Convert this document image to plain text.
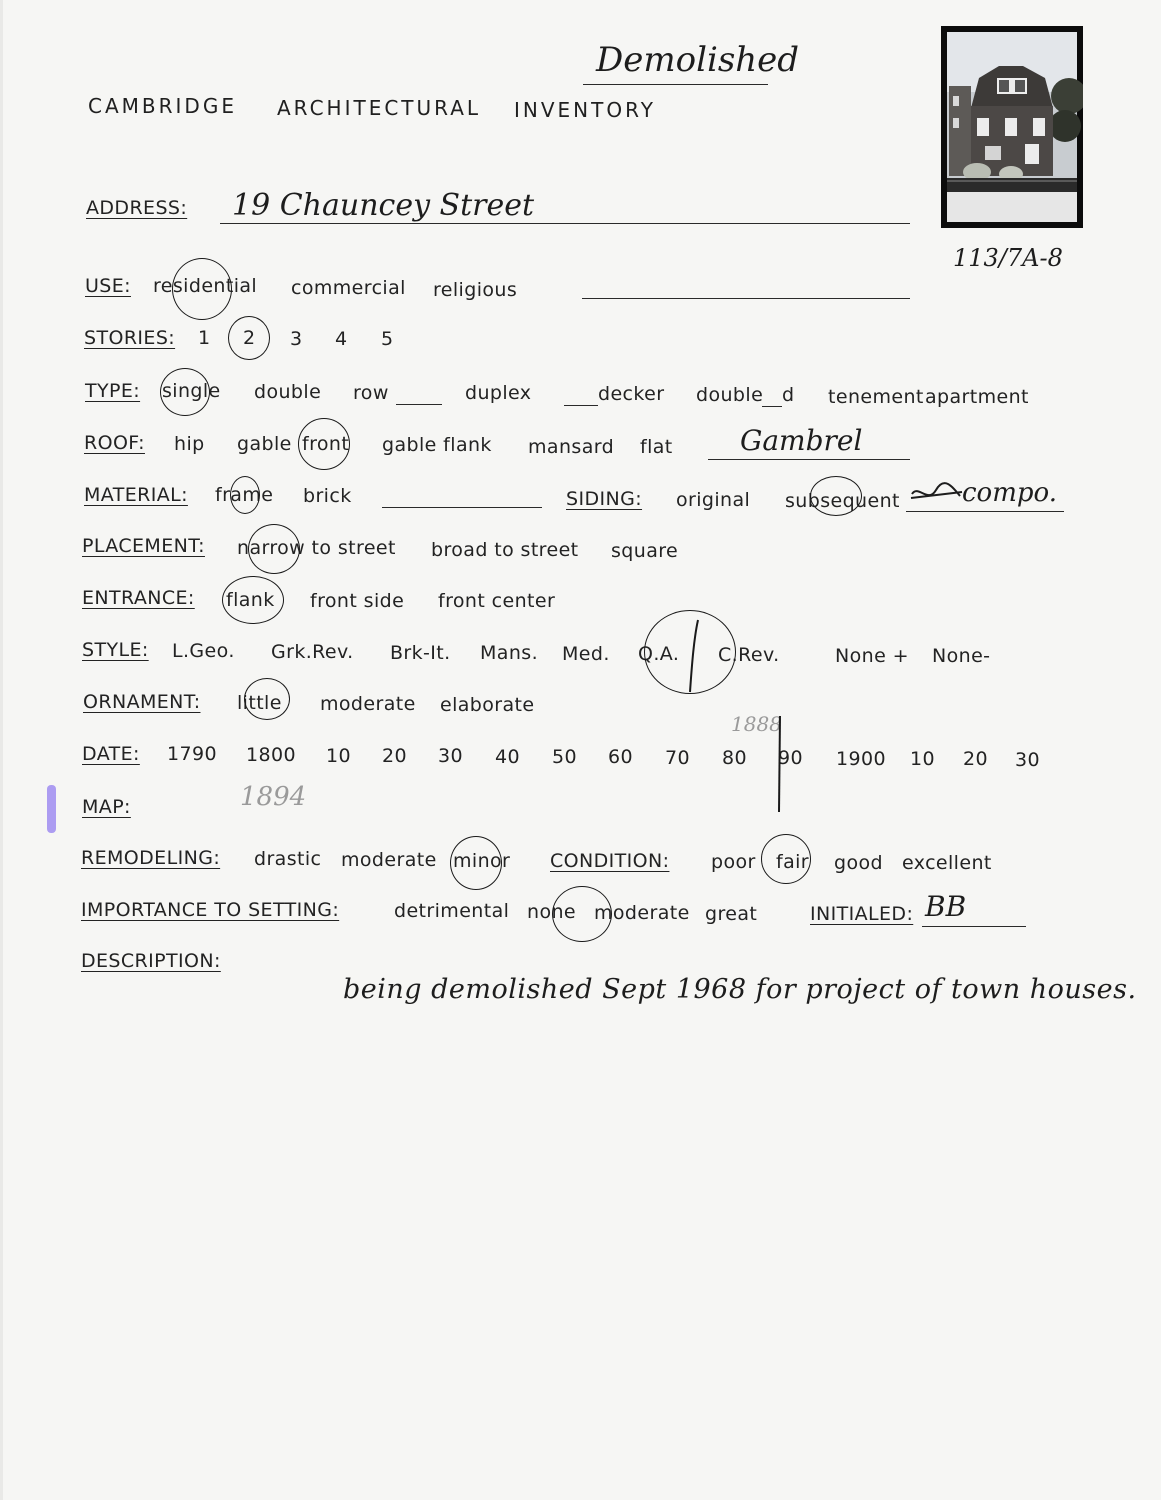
Demolished
CAMBRIDGE ARCHITECTURAL INVENTORY
113/7A-8
ADDRESS: 19 Chauncey Street
USE: residential commercial religious
STORIES: 1 2 3 4 5
TYPE: single double row	duplex	decker double d tenement apartment
ROOF: hip gable front gable flank mansard flat Gambrel
MATERIAL: frame brick	SIDING: original subsequent compo.
PLACEMENT: narrow to street broad to street square
ENTRANCE: flank front side front center
STYLE: L.Geo. Grk.Rev. Brk-It. Mans. Med. Q.A. C.Rev.	None + None-
ORNAMENT: little moderate elaborate
1888
DATE: 1790 1800 10 20 30 40 50 60 70 80 90 1900 10 20 30
MAP:	1894
REMODELING: drastic moderate minor CONDITION: poor fair good excellent
IMPORTANCE TO SETTING:	detrimental none moderate great	INITIALED: BB
DESCRIPTION:
being demolished Sept 1968 for project of town houses.
